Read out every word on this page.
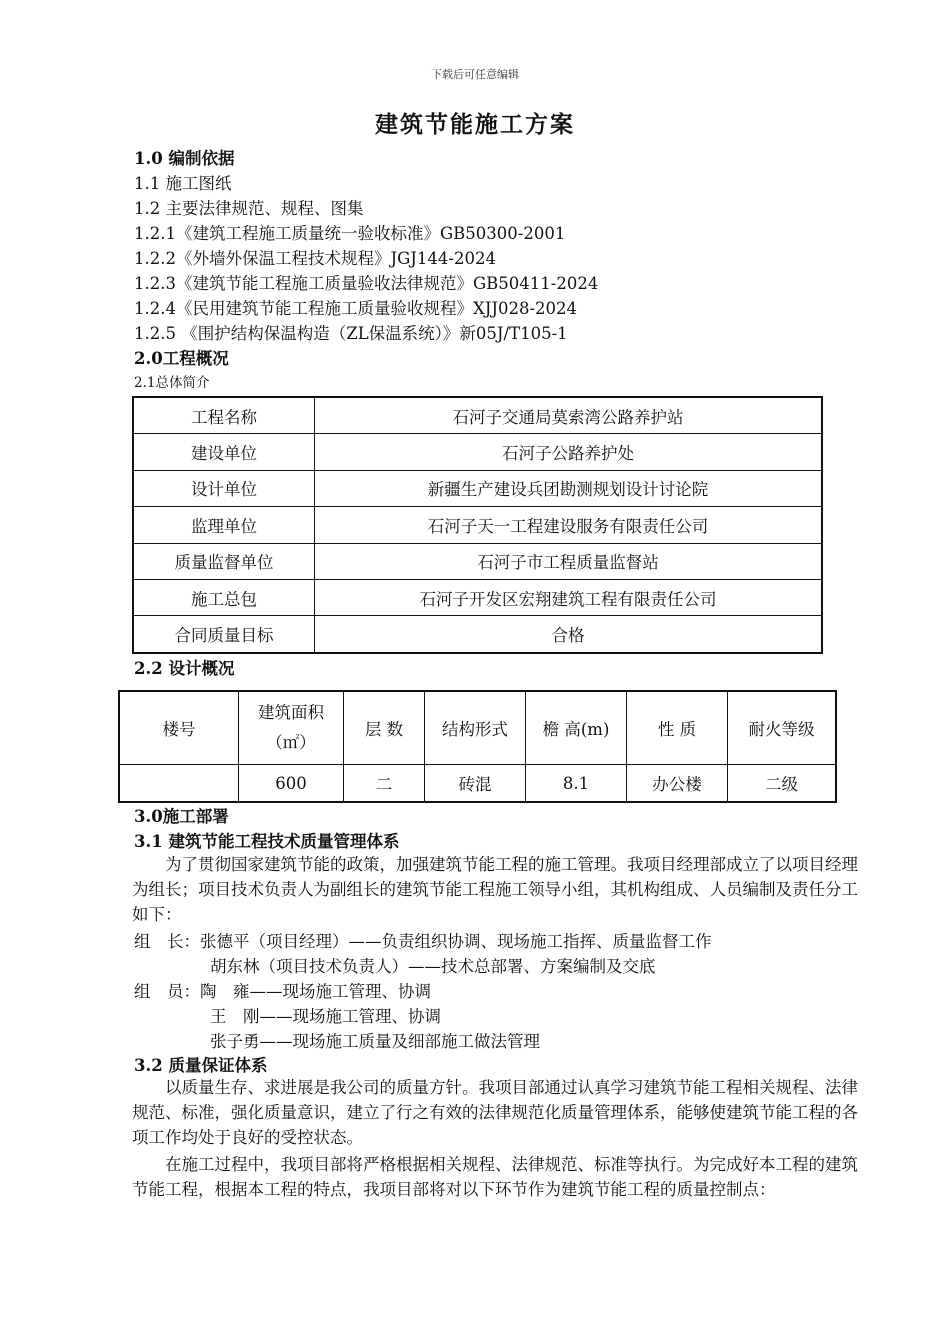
下载后可任意编辑
建筑节能施工方案
1.0 编制依据
1.1 施工图纸
1.2 主要法律规范、规程、图集
1.2.1《建筑工程施工质量统一验收标准》GB50300-2001
1.2.2《外墙外保温工程技术规程》JGJ144-2024
1.2.3《建筑节能工程施工质量验收法律规范》GB50411-2024
1.2.4《民用建筑节能工程施工质量验收规程》XJJ028-2024
1.2.5 《围护结构保温构造（ZL保温系统）》新05J/T105-1
2.0工程概况
2.1总体简介
工程名称	石河子交通局莫索湾公路养护站
建设单位	石河子公路养护处
设计单位	新疆生产建设兵团勘测规划设计讨论院
监理单位	石河子天一工程建设服务有限责任公司
质量监督单位	石河子市工程质量监督站
施工总包	石河子开发区宏翔建筑工程有限责任公司
合同质量目标	合格
2.2 设计概况
楼号	建筑面积（㎡）	层 数	结构形式	檐 高(m)	性 质	耐火等级
	600	二	砖混	8.1	办公楼	二级
3.0施工部署
3.1 建筑节能工程技术质量管理体系

为了贯彻国家建筑节能的政策，加强建筑节能工程的施工管理。我项目经理部成立了以项目经理为组长；项目技术负责人为副组长的建筑节能工程施工领导小组，其机构组成、人员编制及责任分工如下：

组　长：张德平（项目经理）——负责组织协调、现场施工指挥、质量监督工作
胡东林（项目技术负责人）——技术总部署、方案编制及交底
组　员：陶　雍——现场施工管理、协调
王　刚——现场施工管理、协调
张子勇——现场施工质量及细部施工做法管理
3.2 质量保证体系

以质量生存、求进展是我公司的质量方针。我项目部通过认真学习建筑节能工程相关规程、法律规范、标准，强化质量意识，建立了行之有效的法律规范化质量管理体系，能够使建筑节能工程的各项工作均处于良好的受控状态。

在施工过程中，我项目部将严格根据相关规程、法律规范、标准等执行。为完成好本工程的建筑节能工程，根据本工程的特点，我项目部将对以下环节作为建筑节能工程的质量控制点：
